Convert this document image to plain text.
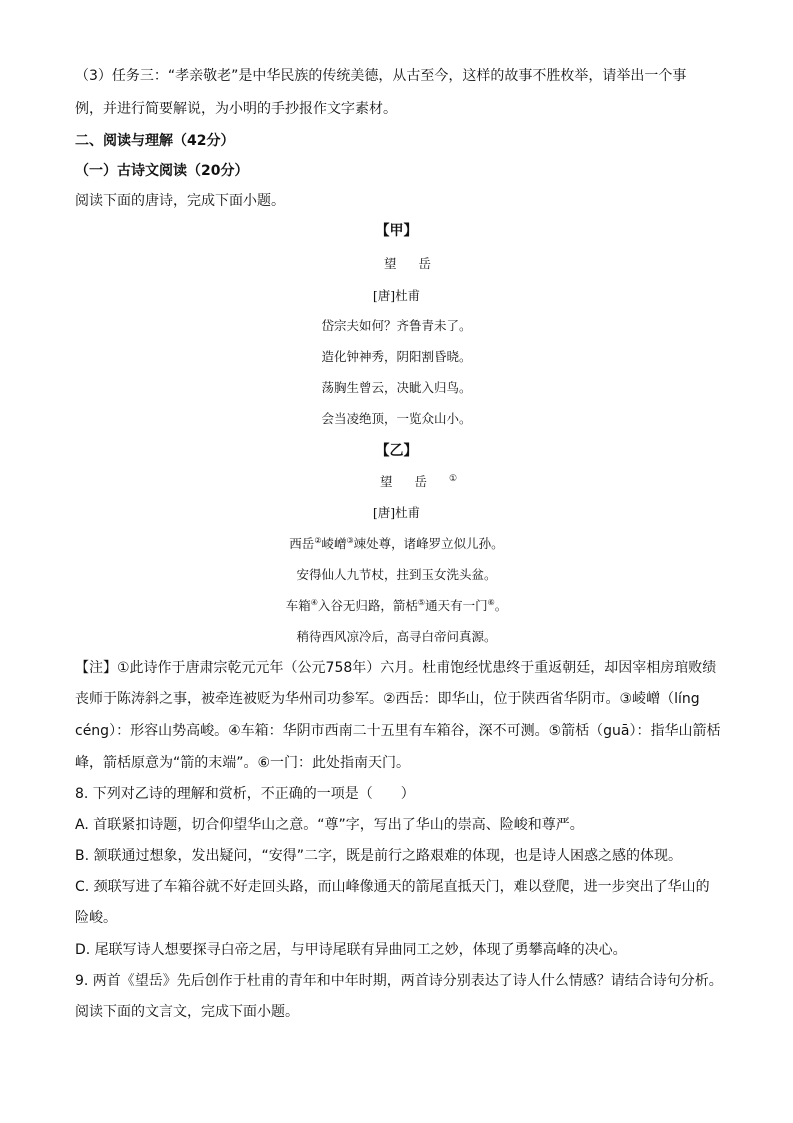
（3）任务三：“孝亲敬老”是中华民族的传统美德，从古至今，这样的故事不胜枚举，请举出一个事
例，并进行简要解说，为小明的手抄报作文字素材。
二、阅读与理解（42分）
（一）古诗文阅读（20分）
阅读下面的唐诗，完成下面小题。
【甲】
望岳
[唐]杜甫
岱宗夫如何？齐鲁青未了。
造化钟神秀，阴阳割昏晓。
荡胸生曾云，决眦入归鸟。
会当凌绝顶，一览众山小。
【乙】
望岳①
[唐]杜甫
西岳②崚嶒③竦处尊，诸峰罗立似儿孙。
安得仙人九节杖，拄到玉女洗头盆。
车箱④入谷无归路，箭栝⑤通天有一门⑥。
稍待西风凉冷后，高寻白帝问真源。
【注】①此诗作于唐肃宗乾元元年（公元758年）六月。杜甫饱经忧患终于重返朝廷，却因宰相房琯败绩
丧师于陈涛斜之事，被牵连被贬为华州司功参军。②西岳：即华山，位于陕西省华阴市。③崚嶒（líng
céng）：形容山势高峻。④车箱：华阴市西南二十五里有车箱谷，深不可测。⑤箭栝（guā）：指华山箭栝
峰，箭栝原意为“箭的末端”。⑥一门：此处指南天门。
8. 下列对乙诗的理解和赏析，不正确的一项是（　　）
A. 首联紧扣诗题，切合仰望华山之意。“尊”字，写出了华山的崇高、险峻和尊严。
B. 颔联通过想象，发出疑问，“安得”二字，既是前行之路艰难的体现，也是诗人困惑之感的体现。
C. 颈联写进了车箱谷就不好走回头路，而山峰像通天的箭尾直抵天门，难以登爬，进一步突出了华山的
险峻。
D. 尾联写诗人想要探寻白帝之居，与甲诗尾联有异曲同工之妙，体现了勇攀高峰的决心。
9. 两首《望岳》先后创作于杜甫的青年和中年时期，两首诗分别表达了诗人什么情感？请结合诗句分析。
阅读下面的文言文，完成下面小题。
